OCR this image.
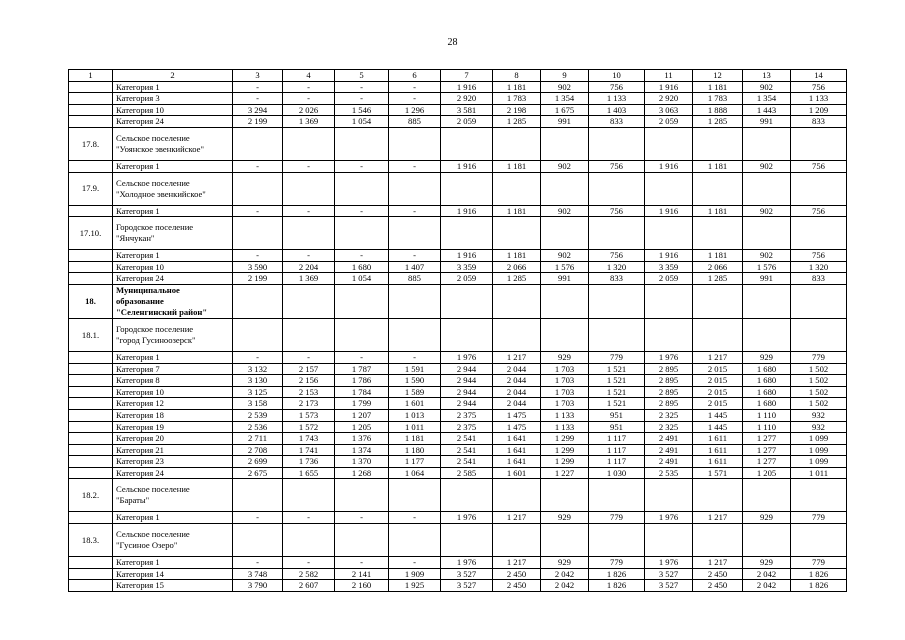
28
1	2	3	4	5	6	7	8	9	10	11	12	13	14
	Категория 1	-	-	-	-	1 916	1 181	902	756	1 916	1 181	902	756
	Категория 3	-	-	-	-	2 920	1 783	1 354	1 133	2 920	1 783	1 354	1 133
	Категория 10	3 294	2 026	1 546	1 296	3 581	2 198	1 675	1 403	3 063	1 888	1 443	1 209
	Категория 24	2 199	1 369	1 054	885	2 059	1 285	991	833	2 059	1 285	991	833
17.8.	Сельское поселение
"Уоянское эвенкийское"												

	Категория 1	-	-	-	-	1 916	1 181	902	756	1 916	1 181	902	756
17.9.	Сельское поселение
"Холодное эвенкийское"												

	Категория 1	-	-	-	-	1 916	1 181	902	756	1 916	1 181	902	756
17.10.	Городское поселение
"Янчукан"												

	Категория 1	-	-	-	-	1 916	1 181	902	756	1 916	1 181	902	756
	Категория 10	3 590	2 204	1 680	1 407	3 359	2 066	1 576	1 320	3 359	2 066	1 576	1 320
	Категория 24	2 199	1 369	1 054	885	2 059	1 285	991	833	2 059	1 285	991	833
18.	Муниципальное
образование
"Селенгинский район"												

18.1.	Городское поселение
"город Гусиноозерск"												

	Категория 1	-	-	-	-	1 976	1 217	929	779	1 976	1 217	929	779
	Категория 7	3 132	2 157	1 787	1 591	2 944	2 044	1 703	1 521	2 895	2 015	1 680	1 502
	Категория 8	3 130	2 156	1 786	1 590	2 944	2 044	1 703	1 521	2 895	2 015	1 680	1 502
	Категория 10	3 125	2 153	1 784	1 589	2 944	2 044	1 703	1 521	2 895	2 015	1 680	1 502
	Категория 12	3 158	2 173	1 799	1 601	2 944	2 044	1 703	1 521	2 895	2 015	1 680	1 502
	Категория 18	2 539	1 573	1 207	1 013	2 375	1 475	1 133	951	2 325	1 445	1 110	932
	Категория 19	2 536	1 572	1 205	1 011	2 375	1 475	1 133	951	2 325	1 445	1 110	932
	Категория 20	2 711	1 743	1 376	1 181	2 541	1 641	1 299	1 117	2 491	1 611	1 277	1 099
	Категория 21	2 708	1 741	1 374	1 180	2 541	1 641	1 299	1 117	2 491	1 611	1 277	1 099
	Категория 23	2 699	1 736	1 370	1 177	2 541	1 641	1 299	1 117	2 491	1 611	1 277	1 099
	Категория 24	2 675	1 655	1 268	1 064	2 585	1 601	1 227	1 030	2 535	1 571	1 205	1 011
18.2.	Сельское поселение
"Бараты"												

	Категория 1	-	-	-	-	1 976	1 217	929	779	1 976	1 217	929	779
18.3.	Сельское поселение
"Гусиное Озеро"												

	Категория 1	-	-	-	-	1 976	1 217	929	779	1 976	1 217	929	779
	Категория 14	3 748	2 582	2 141	1 909	3 527	2 450	2 042	1 826	3 527	2 450	2 042	1 826
	Категория 15	3 790	2 607	2 160	1 925	3 527	2 450	2 042	1 826	3 527	2 450	2 042	1 826
